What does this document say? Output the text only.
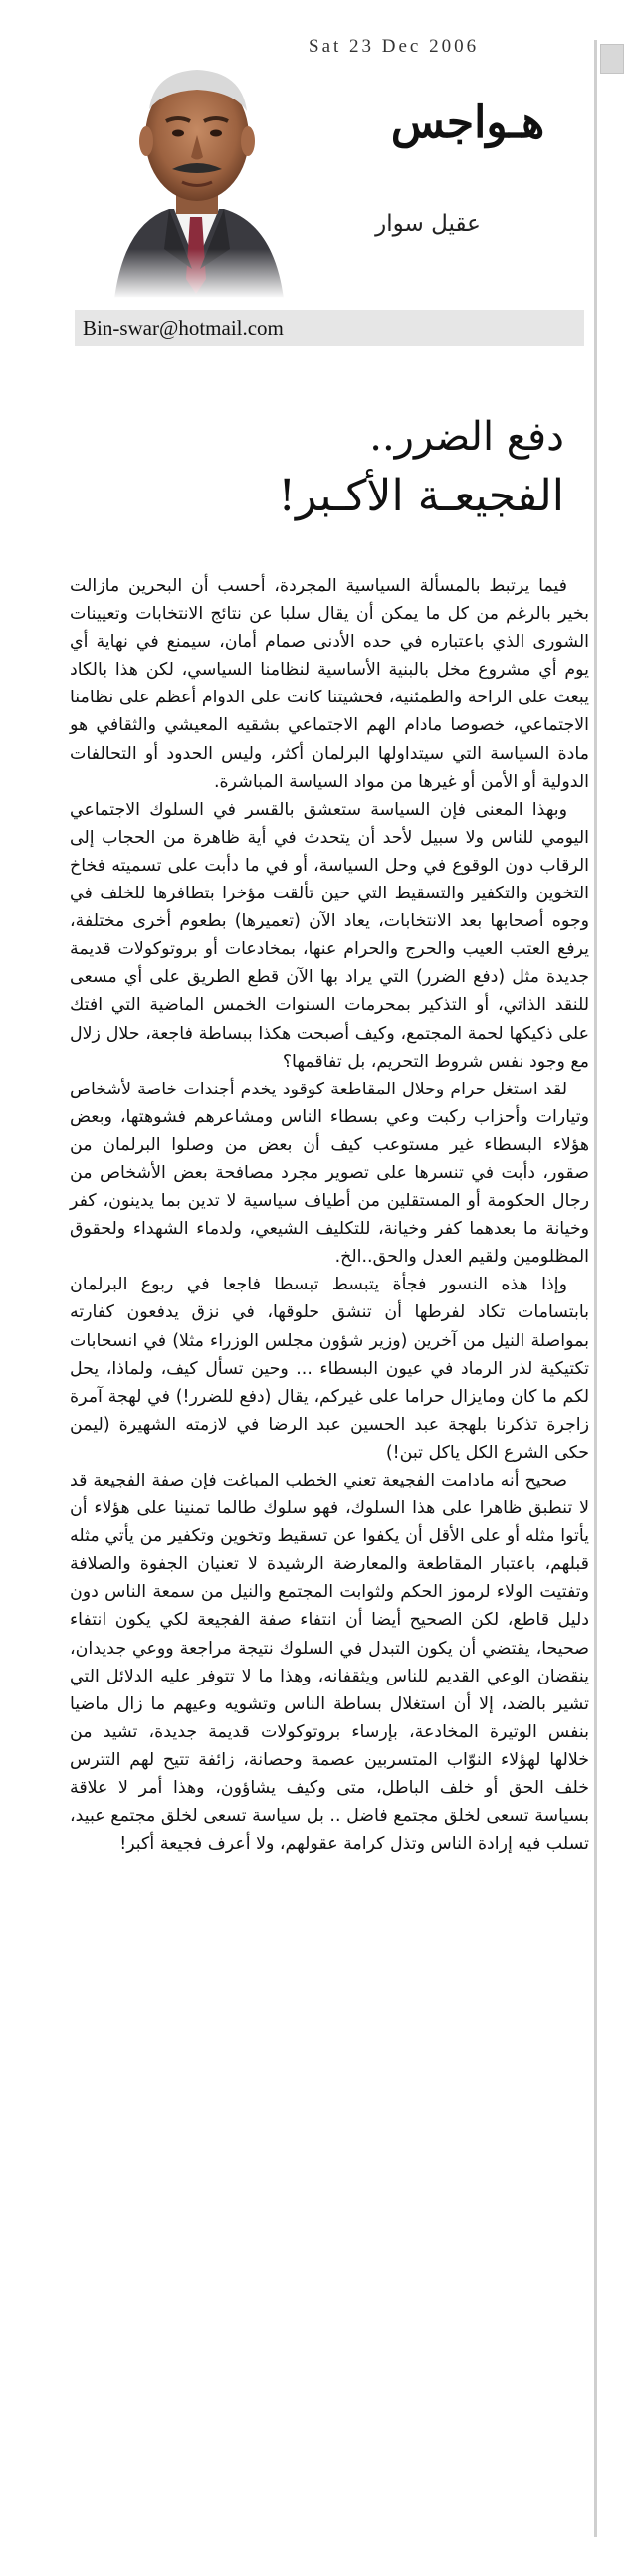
Sat 23 Dec 2006
هـواجس
عقيل سوار
Bin-swar@hotmail.com
دفع الضرر..
الفجيعـة الأكـبر!

فيما يرتبط بالمسألة السياسية المجردة، أحسب أن البحرين مازالت بخير بالرغم من كل ما يمكن أن يقال سلبا عن نتائج الانتخابات وتعيينات الشورى الذي باعتباره في حده الأدنى صمام أمان، سيمنع في نهاية أي يوم أي مشروع مخل بالبنية الأساسية لنظامنا السياسي، لكن هذا بالكاد يبعث على الراحة والطمئنية، فخشيتنا كانت على الدوام أعظم على نظامنا الاجتماعي، خصوصا مادام الهم الاجتماعي بشقيه المعيشي والثقافي هو مادة السياسة التي سيتداولها البرلمان أكثر، وليس الحدود أو التحالفات الدولية أو الأمن أو غيرها من مواد السياسة المباشرة.

وبهذا المعنى فإن السياسة ستعشق بالقسر في السلوك الاجتماعي اليومي للناس ولا سبيل لأحد أن يتحدث في أية ظاهرة من الحجاب إلى الرقاب دون الوقوع في وحل السياسة، أو في ما دأبت على تسميته فخاخ التخوين والتكفير والتسقيط التي حين تألقت مؤخرا بتطافرها للخلف في وجوه أصحابها بعد الانتخابات، يعاد الآن (تعميرها) بطعوم أخرى مختلفة، يرفع العتب العيب والحرج والحرام عنها، بمخادعات أو بروتوكولات قديمة جديدة مثل (دفع الضرر) التي يراد بها الآن قطع الطريق على أي مسعى للنقد الذاتي، أو التذكير بمحرمات السنوات الخمس الماضية التي افتك على ذكيكها لحمة المجتمع، وكيف أصبحت هكذا ببساطة فاجعة، حلال زلال مع وجود نفس شروط التحريم، بل تفاقمها؟

لقد استغل حرام وحلال المقاطعة كوقود يخدم أجندات خاصة لأشخاص وتيارات وأحزاب ركبت وعي بسطاء الناس ومشاعرهم فشوهتها، وبعض هؤلاء البسطاء غير مستوعب كيف أن بعض من وصلوا البرلمان من صقور، دأبت في تنسرها على تصوير مجرد مصافحة بعض الأشخاص من رجال الحكومة أو المستقلين من أطياف سياسية لا تدين بما يدينون، كفر وخيانة ما بعدهما كفر وخيانة، للتكليف الشيعي، ولدماء الشهداء ولحقوق المظلومين ولقيم العدل والحق..الخ.

وإذا هذه النسور فجأة يتبسط تبسطا فاجعا في ربوع البرلمان بابتسامات تكاد لفرطها أن تنشق حلوقها، في نزق يدفعون كفارته بمواصلة النيل من آخرين (وزير شؤون مجلس الوزراء مثلا) في انسحابات تكتيكية لذر الرماد في عيون البسطاء ... وحين تسأل كيف، ولماذا، يحل لكم ما كان ومايزال حراما على غيركم، يقال (دفع للضرر!) في لهجة آمرة زاجرة تذكرنا بلهجة عبد الحسين عبد الرضا في لازمته الشهيرة (ليمن حكى الشرع الكل ياكل تبن!)

صحيح أنه مادامت الفجيعة تعني الخطب المباغت فإن صفة الفجيعة قد لا تنطبق ظاهرا على هذا السلوك، فهو سلوك طالما تمنينا على هؤلاء أن يأتوا مثله أو على الأقل أن يكفوا عن تسقيط وتخوين وتكفير من يأتي مثله قبلهم، باعتبار المقاطعة والمعارضة الرشيدة لا تعنيان الجفوة والصلافة وتفتيت الولاء لرموز الحكم ولثوابت المجتمع والنيل من سمعة الناس دون دليل قاطع، لكن الصحيح أيضا أن انتفاء صفة الفجيعة لكي يكون انتفاء صحيحا، يقتضي أن يكون التبدل في السلوك نتيجة مراجعة ووعي جديدان، ينقضان الوعي القديم للناس ويثقفانه، وهذا ما لا تتوفر عليه الدلائل التي تشير بالضد، إلا أن استغلال بساطة الناس وتشويه وعيهم ما زال ماضيا بنفس الوتيرة المخادعة، بإرساء بروتوكولات قديمة جديدة، تشيد من خلالها لهؤلاء النوّاب المتسربين عصمة وحصانة، زائفة تتيح لهم التترس خلف الحق أو خلف الباطل، متى وكيف يشاؤون، وهذا أمر لا علاقة بسياسة تسعى لخلق مجتمع فاضل .. بل سياسة تسعى لخلق مجتمع عبيد، تسلب فيه إرادة الناس وتذل كرامة عقولهم، ولا أعرف فجيعة أكبر!
